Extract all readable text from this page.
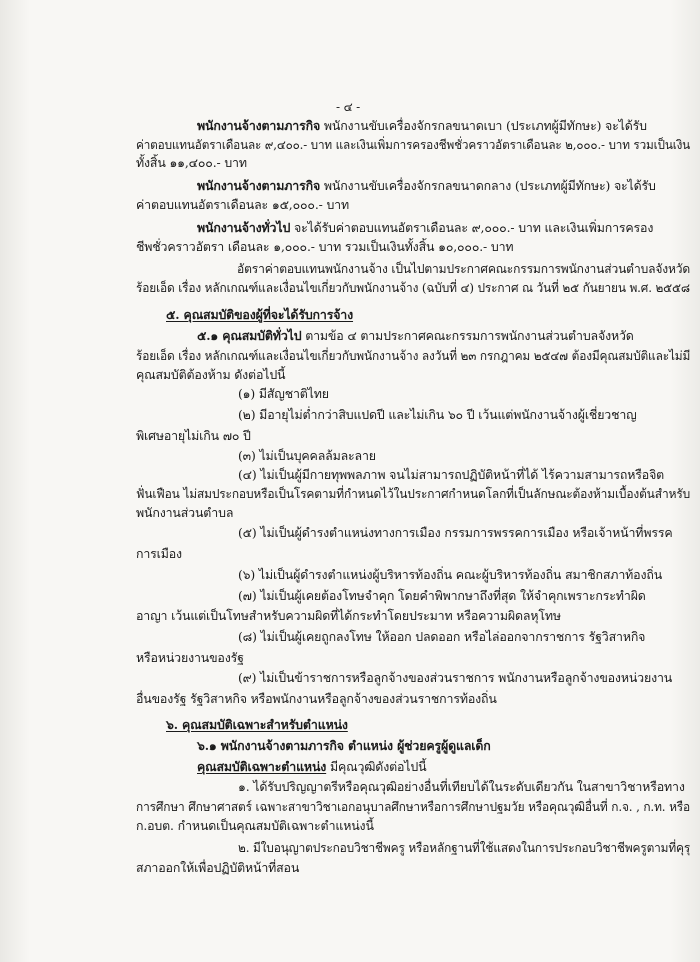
- ๔ -
พนักงานจ้างตามภารกิจ พนักงานขับเครื่องจักรกลขนาดเบา (ประเภทผู้มีทักษะ) จะได้รับ
ค่าตอบแทนอัตราเดือนละ ๙,๔๐๐.- บาท และเงินเพิ่มการครองชีพชั่วคราวอัตราเดือนละ ๒,๐๐๐.- บาท รวมเป็นเงิน
ทั้งสิ้น ๑๑,๔๐๐.- บาท
พนักงานจ้างตามภารกิจ พนักงานขับเครื่องจักรกลขนาดกลาง (ประเภทผู้มีทักษะ) จะได้รับ
ค่าตอบแทนอัตราเดือนละ ๑๕,๐๐๐.- บาท
พนักงานจ้างทั่วไป จะได้รับค่าตอบแทนอัตราเดือนละ ๙,๐๐๐.- บาท และเงินเพิ่มการครอง
ชีพชั่วคราวอัตรา เดือนละ ๑,๐๐๐.- บาท รวมเป็นเงินทั้งสิ้น ๑๐,๐๐๐.- บาท
อัตราค่าตอบแทนพนักงานจ้าง เป็นไปตามประกาศคณะกรรมการพนักงานส่วนตำบลจังหวัด
ร้อยเอ็ด เรื่อง หลักเกณฑ์และเงื่อนไขเกี่ยวกับพนักงานจ้าง (ฉบับที่ ๔) ประกาศ ณ วันที่ ๒๕ กันยายน พ.ศ. ๒๕๕๘
๕. คุณสมบัติของผู้ที่จะได้รับการจ้าง
๕.๑ คุณสมบัติทั่วไป ตามข้อ ๔ ตามประกาศคณะกรรมการพนักงานส่วนตำบลจังหวัด
ร้อยเอ็ด เรื่อง หลักเกณฑ์และเงื่อนไขเกี่ยวกับพนักงานจ้าง ลงวันที่ ๒๓ กรกฎาคม ๒๕๔๗ ต้องมีคุณสมบัติและไม่มี
คุณสมบัติต้องห้าม ดังต่อไปนี้
(๑) มีสัญชาติไทย
(๒) มีอายุไม่ต่ำกว่าสิบแปดปี และไม่เกิน ๖๐ ปี เว้นแต่พนักงานจ้างผู้เชี่ยวชาญ
พิเศษอายุไม่เกิน ๗๐ ปี
(๓) ไม่เป็นบุคคลล้มละลาย
(๔) ไม่เป็นผู้มีกายทุพพลภาพ จนไม่สามารถปฏิบัติหน้าที่ได้ ไร้ความสามารถหรือจิต
ฟั่นเฟือน ไม่สมประกอบหรือเป็นโรคตามที่กำหนดไว้ในประกาศกำหนดโลกที่เป็นลักษณะต้องห้ามเบื้องต้นสำหรับ
พนักงานส่วนตำบล
(๕) ไม่เป็นผู้ดำรงตำแหน่งทางการเมือง กรรมการพรรคการเมือง หรือเจ้าหน้าที่พรรค
การเมือง
(๖) ไม่เป็นผู้ดำรงตำแหน่งผู้บริหารท้องถิ่น คณะผู้บริหารท้องถิ่น สมาชิกสภาท้องถิ่น
(๗) ไม่เป็นผู้เคยต้องโทษจำคุก โดยคำพิพากษาถึงที่สุด ให้จำคุกเพราะกระทำผิด
อาญา เว้นแต่เป็นโทษสำหรับความผิดที่ได้กระทำโดยประมาท หรือความผิดลหุโทษ
(๘) ไม่เป็นผู้เคยถูกลงโทษ ให้ออก ปลดออก หรือไล่ออกจากราชการ รัฐวิสาหกิจ
หรือหน่วยงานของรัฐ
(๙) ไม่เป็นข้าราชการหรือลูกจ้างของส่วนราชการ พนักงานหรือลูกจ้างของหน่วยงาน
อื่นของรัฐ รัฐวิสาหกิจ หรือพนักงานหรือลูกจ้างของส่วนราชการท้องถิ่น
๖. คุณสมบัติเฉพาะสำหรับตำแหน่ง
๖.๑ พนักงานจ้างตามภารกิจ ตำแหน่ง ผู้ช่วยครูผู้ดูแลเด็ก
คุณสมบัติเฉพาะตำแหน่ง มีคุณวุฒิดังต่อไปนี้
๑. ได้รับปริญญาตรีหรือคุณวุฒิอย่างอื่นที่เทียบได้ในระดับเดียวกัน ในสาขาวิชาหรือทาง
การศึกษา ศึกษาศาสตร์ เฉพาะสาขาวิชาเอกอนุบาลศึกษาหรือการศึกษาปฐมวัย หรือคุณวุฒิอื่นที่ ก.จ. , ก.ท. หรือ
ก.อบต. กำหนดเป็นคุณสมบัติเฉพาะตำแหน่งนี้
๒. มีใบอนุญาตประกอบวิชาชีพครู หรือหลักฐานที่ใช้แสดงในการประกอบวิชาชีพครูตามที่คุรุ
สภาออกให้เพื่อปฏิบัติหน้าที่สอน
